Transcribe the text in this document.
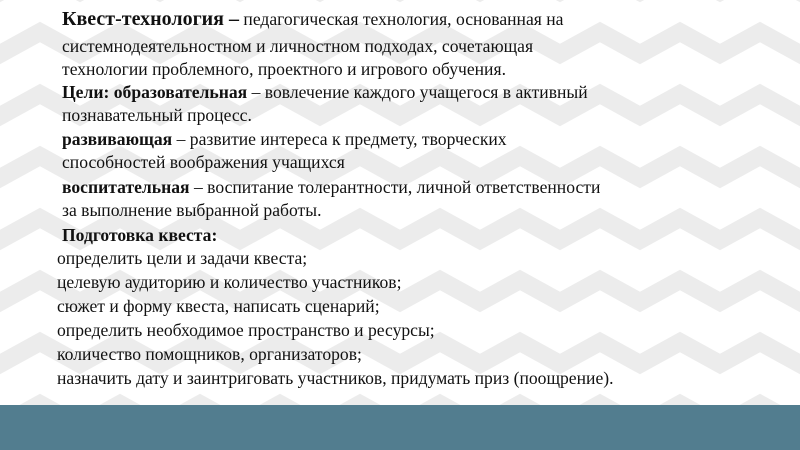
Квест-технология – педагогическая технология, основанная на
системнодеятельностном и личностном подходах, сочетающая
технологии проблемного, проектного и игрового обучения.
Цели: образовательная – вовлечение каждого учащегося в активный
познавательный процесс.
развивающая – развитие интереса к предмету, творческих
способностей воображения учащихся
воспитательная – воспитание толерантности, личной ответственности
за выполнение выбранной работы.
Подготовка квеста:
определить цели и задачи квеста;
целевую аудиторию и количество участников;
сюжет и форму квеста, написать сценарий;
определить необходимое пространство и ресурсы;
количество помощников, организаторов;
назначить дату и заинтриговать участников, придумать приз (поощрение).
